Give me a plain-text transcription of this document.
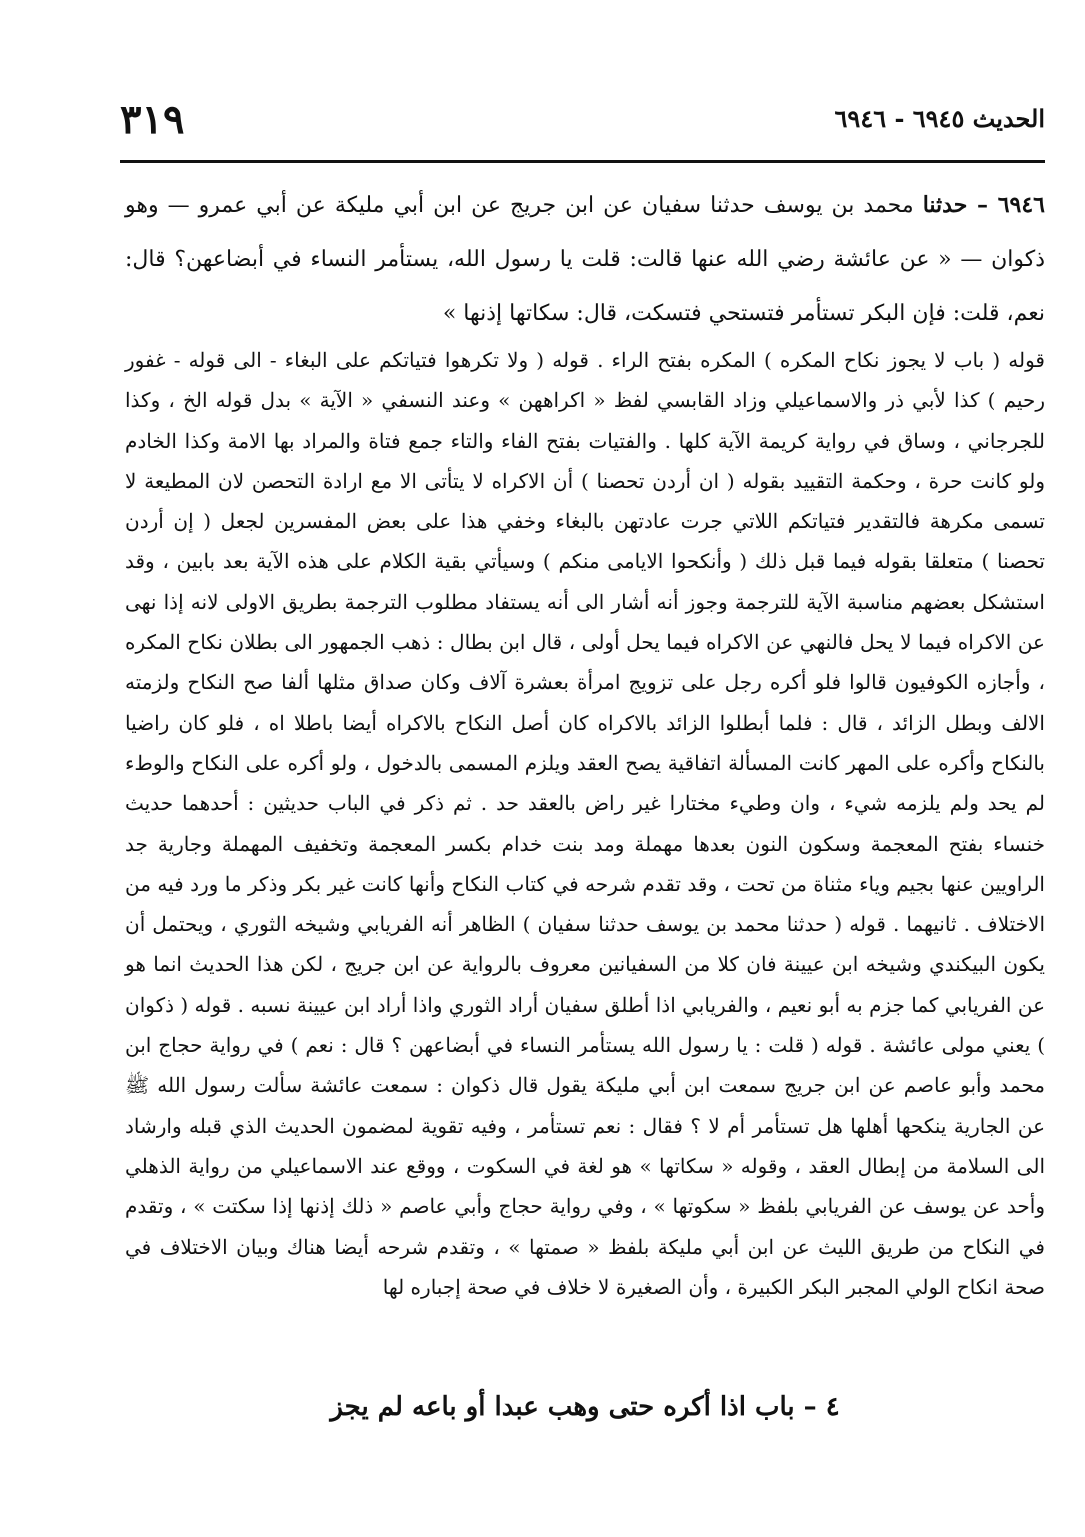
الحديث ٦٩٤٥ - ٦٩٤٦
٣١٩
٦٩٤٦ – حدثنا محمد بن يوسف حدثنا سفيان عن ابن جريج عن ابن أبي مليكة عن أبي عمرو — وهو ذكوان — « عن عائشة رضي الله عنها قالت: قلت يا رسول الله، يستأمر النساء في أبضاعهن؟ قال: نعم، قلت: فإن البكر تستأمر فتستحي فتسكت، قال: سكاتها إذنها »

قوله ( باب لا يجوز نكاح المكره ) المكره بفتح الراء . قوله ( ولا تكرهوا فتياتكم على البغاء - الى قوله - غفور رحيم ) كذا لأبي ذر والاسماعيلي وزاد القابسي لفظ « اكراههن » وعند النسفي « الآية » بدل قوله الخ ، وكذا للجرجاني ، وساق في رواية كريمة الآية كلها . والفتيات بفتح الفاء والتاء جمع فتاة والمراد بها الامة وكذا الخادم ولو كانت حرة ، وحكمة التقييد بقوله ( ان أردن تحصنا ) أن الاكراه لا يتأتى الا مع ارادة التحصن لان المطيعة لا تسمى مكرهة فالتقدير فتياتكم اللاتي جرت عادتهن بالبغاء وخفي هذا على بعض المفسرين لجعل ( إن أردن تحصنا ) متعلقا بقوله فيما قبل ذلك ( وأنكحوا الايامى منكم ) وسيأتي بقية الكلام على هذه الآية بعد بابين ، وقد استشكل بعضهم مناسبة الآية للترجمة وجوز أنه أشار الى أنه يستفاد مطلوب الترجمة بطريق الاولى لانه إذا نهى عن الاكراه فيما لا يحل فالنهي عن الاكراه فيما يحل أولى ، قال ابن بطال : ذهب الجمهور الى بطلان نكاح المكره ، وأجازه الكوفيون قالوا فلو أكره رجل على تزويج امرأة بعشرة آلاف وكان صداق مثلها ألفا صح النكاح ولزمته الالف وبطل الزائد ، قال : فلما أبطلوا الزائد بالاكراه كان أصل النكاح بالاكراه أيضا باطلا اه ، فلو كان راضيا بالنكاح وأكره على المهر كانت المسألة اتفاقية يصح العقد ويلزم المسمى بالدخول ، ولو أكره على النكاح والوطء لم يحد ولم يلزمه شيء ، وان وطيء مختارا غير راض بالعقد حد . ثم ذكر في الباب حديثين : أحدهما حديث خنساء بفتح المعجمة وسكون النون بعدها مهملة ومد بنت خدام بكسر المعجمة وتخفيف المهملة وجارية جد الراويين عنها بجيم وياء مثناة من تحت ، وقد تقدم شرحه في كتاب النكاح وأنها كانت غير بكر وذكر ما ورد فيه من الاختلاف . ثانيهما . قوله ( حدثنا محمد بن يوسف حدثنا سفيان ) الظاهر أنه الفريابي وشيخه الثوري ، ويحتمل أن يكون البيكندي وشيخه ابن عيينة فان كلا من السفيانين معروف بالرواية عن ابن جريج ، لكن هذا الحديث انما هو عن الفريابي كما جزم به أبو نعيم ، والفريابي اذا أطلق سفيان أراد الثوري واذا أراد ابن عيينة نسبه . قوله ( ذكوان ) يعني مولى عائشة . قوله ( قلت : يا رسول الله يستأمر النساء في أبضاعهن ؟ قال : نعم ) في رواية حجاج ابن محمد وأبو عاصم عن ابن جريج سمعت ابن أبي مليكة يقول قال ذكوان : سمعت عائشة سألت رسول الله ﷺ عن الجارية ينكحها أهلها هل تستأمر أم لا ؟ فقال : نعم تستأمر ، وفيه تقوية لمضمون الحديث الذي قبله وارشاد الى السلامة من إبطال العقد ، وقوله « سكاتها » هو لغة في السكوت ، ووقع عند الاسماعيلي من رواية الذهلي وأحد عن يوسف عن الفريابي بلفظ « سكوتها » ، وفي رواية حجاج وأبي عاصم « ذلك إذنها إذا سكتت » ، وتقدم في النكاح من طريق الليث عن ابن أبي مليكة بلفظ « صمتها » ، وتقدم شرحه أيضا هناك وبيان الاختلاف في صحة انكاح الولي المجبر البكر الكبيرة ، وأن الصغيرة لا خلاف في صحة إجباره لها

٤ – باب اذا أكره حتى وهب عبدا أو باعه لم يجز
